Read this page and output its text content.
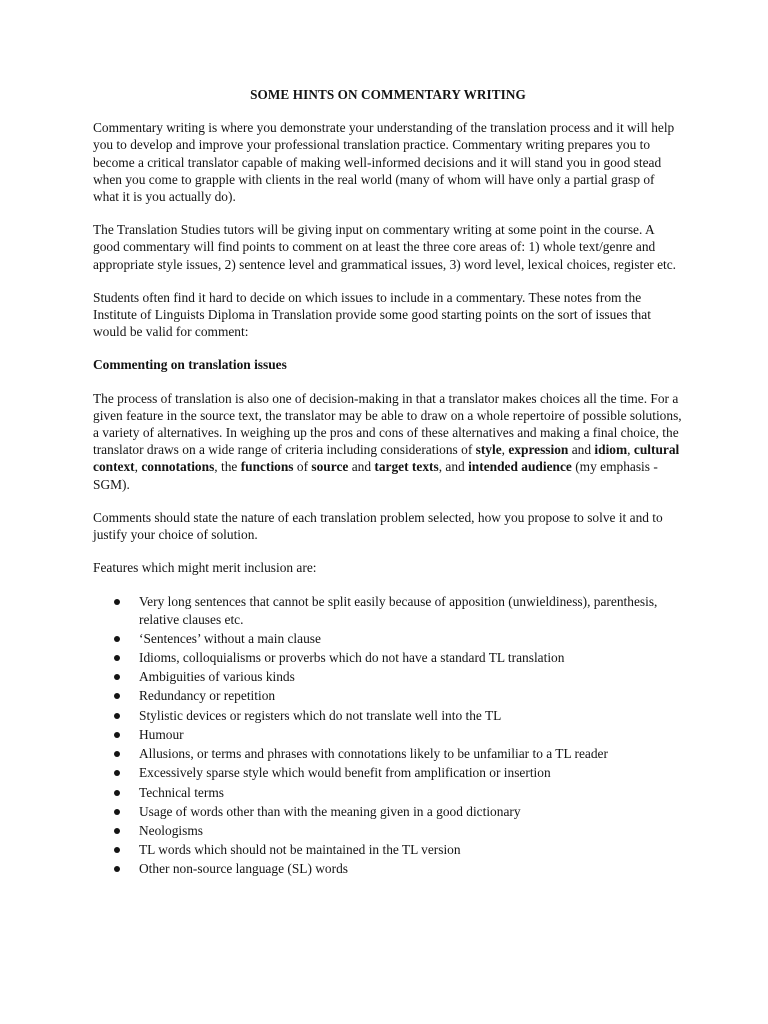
SOME HINTS ON COMMENTARY WRITING

Commentary writing is where you demonstrate your understanding of the translation process and it will help you to develop and improve your professional translation practice. Commentary writing prepares you to become a critical translator capable of making well-informed decisions and it will stand you in good stead when you come to grapple with clients in the real world (many of whom will have only a partial grasp of what it is you actually do).

The Translation Studies tutors will be giving input on commentary writing at some point in the course. A good commentary will find points to comment on at least the three core areas of: 1) whole text/genre and appropriate style issues, 2) sentence level and grammatical issues, 3) word level, lexical choices, register etc.

Students often find it hard to decide on which issues to include in a commentary. These notes from the Institute of Linguists Diploma in Translation provide some good starting points on the sort of issues that would be valid for comment:

Commenting on translation issues

The process of translation is also one of decision-making in that a translator makes choices all the time. For a given feature in the source text, the translator may be able to draw on a whole repertoire of possible solutions, a variety of alternatives. In weighing up the pros and cons of these alternatives and making a final choice, the translator draws on a wide range of criteria including considerations of style, expression and idiom, cultural context, connotations, the functions of source and target texts, and intended audience (my emphasis - SGM).

Comments should state the nature of each translation problem selected, how you propose to solve it and to justify your choice of solution.

Features which might merit inclusion are:

Very long sentences that cannot be split easily because of apposition (unwieldiness), parenthesis, relative clauses etc.
‘Sentences’ without a main clause
Idioms, colloquialisms or proverbs which do not have a standard TL translation
Ambiguities of various kinds
Redundancy or repetition
Stylistic devices or registers which do not translate well into the TL
Humour
Allusions, or terms and phrases with connotations likely to be unfamiliar to a TL reader
Excessively sparse style which would benefit from amplification or insertion
Technical terms
Usage of words other than with the meaning given in a good dictionary
Neologisms
TL words which should not be maintained in the TL version
Other non-source language (SL) words
